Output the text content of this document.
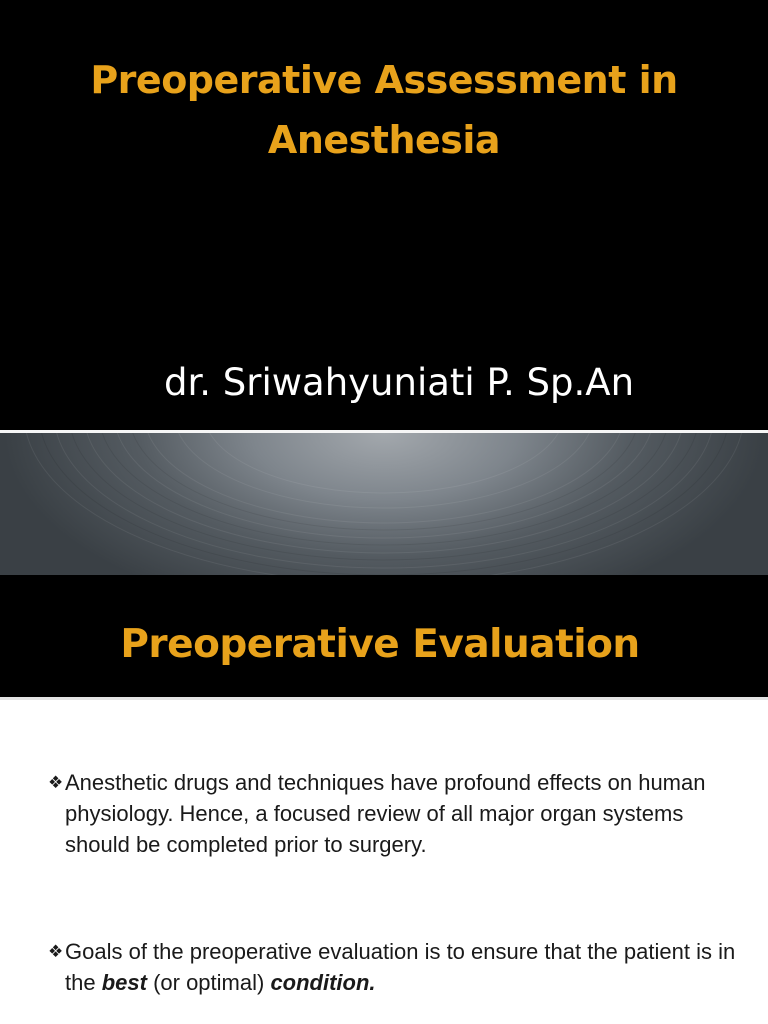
Preoperative Assessment in
Anesthesia
dr. Sriwahyuniati P. Sp.An
Preoperative Evaluation
❖ Anesthetic drugs and techniques have profound effects on human physiology. Hence, a focused review of all major organ systems should be completed prior to surgery.
❖ Goals of the preoperative evaluation is to ensure that the patient is in the best (or optimal) condition.
